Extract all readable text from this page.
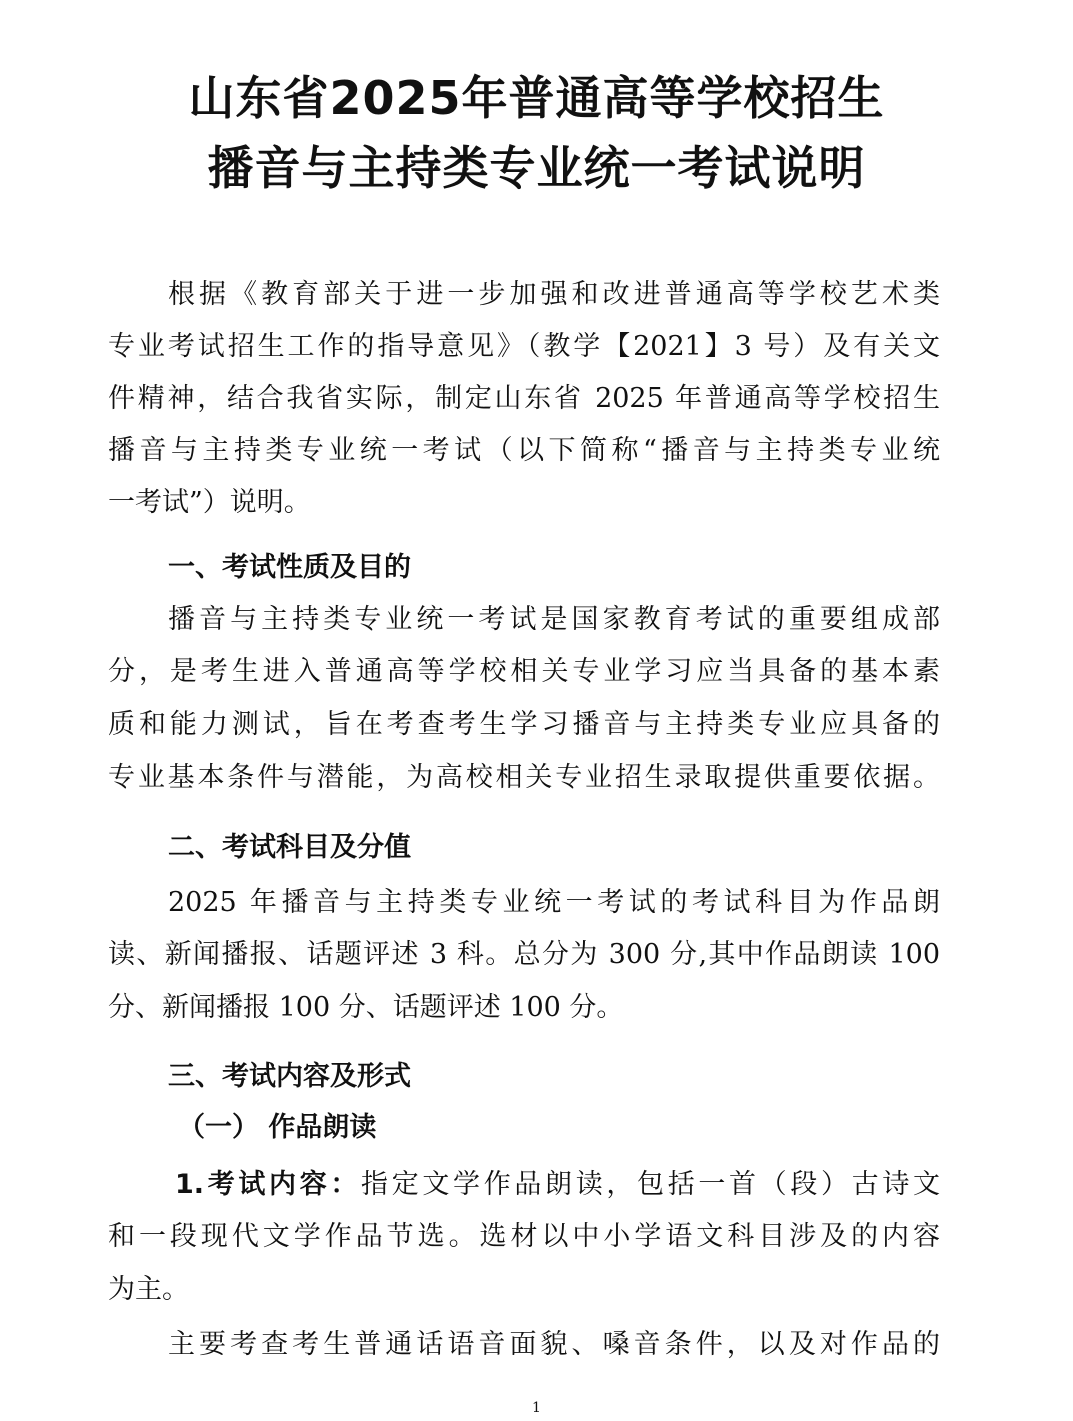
山东省2025年普通高等学校招生
播音与主持类专业统一考试说明
根据《教育部关于进一步加强和改进普通高等学校艺术类
专业考试招生工作的指导意见》（教学【2021】3 号）及有关文
件精神，结合我省实际，制定山东省 2025 年普通高等学校招生
播音与主持类专业统一考试（以下简称“播音与主持类专业统
一考试”）说明。
一、考试性质及目的
播音与主持类专业统一考试是国家教育考试的重要组成部
分，是考生进入普通高等学校相关专业学习应当具备的基本素
质和能力测试，旨在考查考生学习播音与主持类专业应具备的
专业基本条件与潜能，为高校相关专业招生录取提供重要依据。
二、考试科目及分值
2025 年播音与主持类专业统一考试的考试科目为作品朗
读、新闻播报、话题评述 3 科。总分为 300 分,其中作品朗读 100
分、新闻播报 100 分、话题评述 100 分。
三、考试内容及形式
（一） 作品朗读
1.考试内容：指定文学作品朗读，包括一首（段）古诗文
和一段现代文学作品节选。选材以中小学语文科目涉及的内容
为主。
主要考查考生普通话语音面貌、嗓音条件，以及对作品的
1
